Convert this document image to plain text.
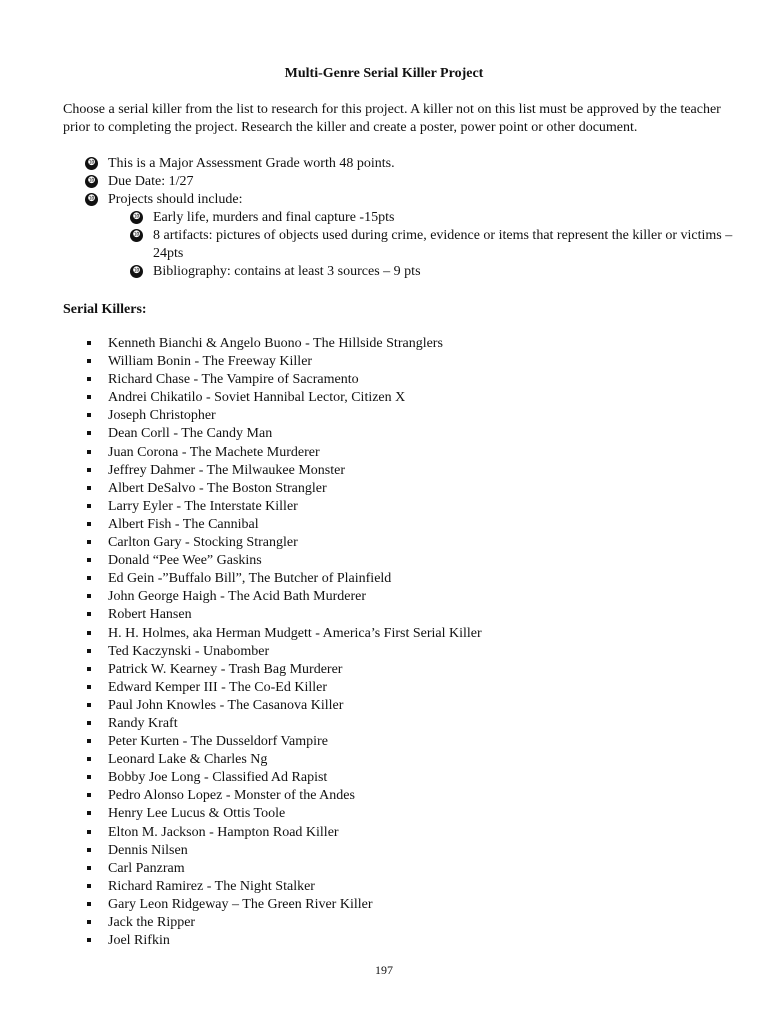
Multi-Genre Serial Killer Project

Choose a serial killer from the list to research for this project. A killer not on this list must be approved by the teacher prior to completing the project. Research the killer and create a poster, power point or other document.

❿ This is a Major Assessment Grade worth 48 points.
❿ Due Date: 1/27
❿ Projects should include:
❿ Early life, murders and final capture -15pts
❿ 8 artifacts: pictures of objects used during crime, evidence or items that represent the killer or victims – 24pts
❿ Bibliography: contains at least 3 sources – 9 pts
Serial Killers:
Kenneth Bianchi & Angelo Buono - The Hillside Stranglers
William Bonin - The Freeway Killer
Richard Chase - The Vampire of Sacramento
Andrei Chikatilo - Soviet Hannibal Lector, Citizen X
Joseph Christopher
Dean Corll - The Candy Man
Juan Corona - The Machete Murderer
Jeffrey Dahmer - The Milwaukee Monster
Albert DeSalvo - The Boston Strangler
Larry Eyler - The Interstate Killer
Albert Fish - The Cannibal
Carlton Gary - Stocking Strangler
Donald “Pee Wee” Gaskins
Ed Gein -”Buffalo Bill”, The Butcher of Plainfield
John George Haigh - The Acid Bath Murderer
Robert Hansen
H. H. Holmes, aka Herman Mudgett - America’s First Serial Killer
Ted Kaczynski - Unabomber
Patrick W. Kearney - Trash Bag Murderer
Edward Kemper III - The Co-Ed Killer
Paul John Knowles - The Casanova Killer
Randy Kraft
Peter Kurten - The Dusseldorf Vampire
Leonard Lake & Charles Ng
Bobby Joe Long - Classified Ad Rapist
Pedro Alonso Lopez - Monster of the Andes
Henry Lee Lucus & Ottis Toole
Elton M. Jackson - Hampton Road Killer
Dennis Nilsen
Carl Panzram
Richard Ramirez - The Night Stalker
Gary Leon Ridgeway – The Green River Killer
Jack the Ripper
Joel Rifkin
197
